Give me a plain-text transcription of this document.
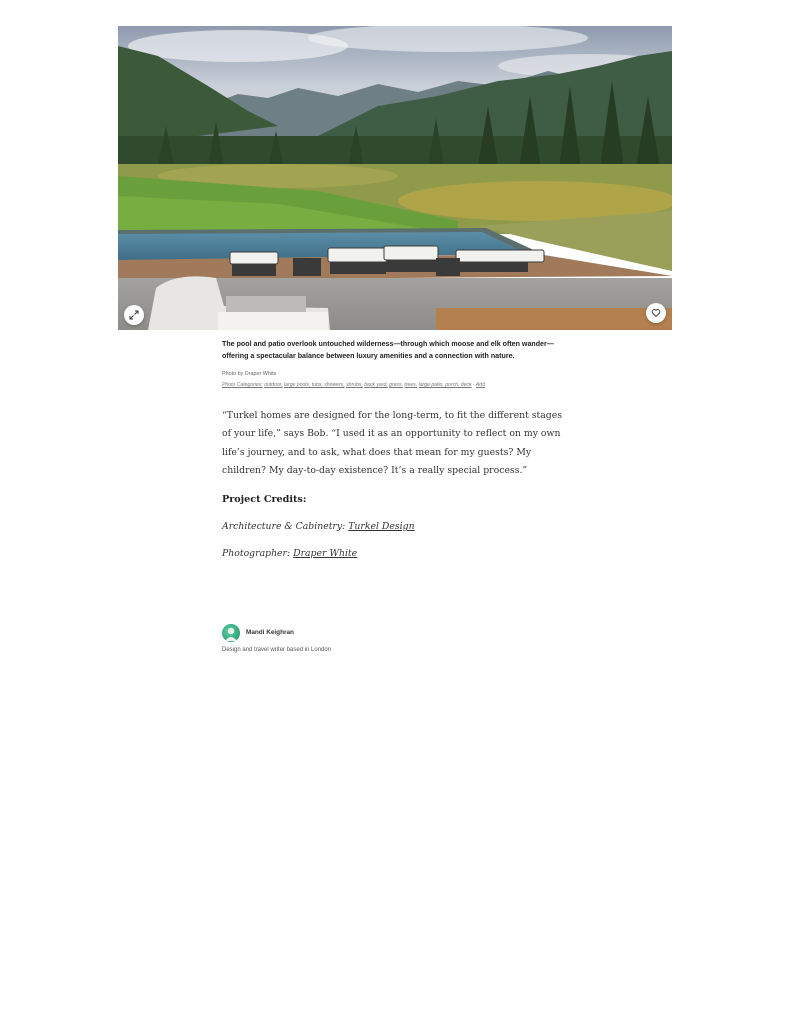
The pool and patio overlook untouched wilderness—through which moose and elk often wander—offering a spectacular balance between luxury amenities and a connection with nature.

Photo by Draper White

Photo Categories: outdoor, large pools, tubs, showers, shrubs, back yard, grass, trees, large patio, porch, deck · Add

“Turkel homes are designed for the long-term, to fit the different stages of your life,” says Bob. “I used it as an opportunity to reflect on my own life’s journey, and to ask, what does that mean for my guests? My children? My day-to-day existence? It’s a really special process.”

Project Credits:

Architecture & Cabinetry: Turkel Design

Photographer: Draper White

Mandi Keighran
Design and travel writer based in London
